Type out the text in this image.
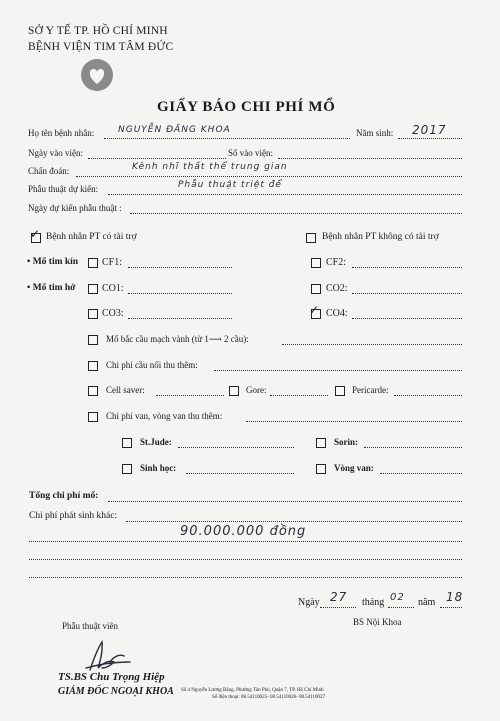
SỞ Y TẾ TP. HỒ CHÍ MINH
BỆNH VIỆN TIM TÂM ĐỨC
GIẤY BÁO CHI PHÍ MỔ
Họ tên bệnh nhân:	NGUYỄN ĐĂNG KHOA	Năm sinh: 2017
Ngày vào viện:	Số vào viện:
Chẩn đoán:	Kênh nhĩ thất thể trung gian
Phẫu thuật dự kiến:	Phẫu thuật triệt để
Ngày dự kiến phẫu thuật :
✓ Bệnh nhân PT có tài trợ	Bệnh nhân PT không có tài trợ
• Mổ tim kín CF1:	CF2:
• Mổ tim hở	CO1:	CO2:
CO3:	✓ CO4:
Mổ bắc cầu mạch vành (từ 1⟶ 2 cầu):
Chi phí cầu nối thu thêm:
Cell saver:	Gore:	Pericarde:
Chi phí van, vòng van thu thêm:
St.Jude:	Sorin:
Sinh học:	Vòng van:
Tổng chi phí mổ:
Chi phí phát sinh khác:
90.000.000 đồng
Ngày 27 tháng 02 năm 18
Phẫu thuật viên	BS Nội Khoa
TS.BS Chu Trọng Hiệp
GIÁM ĐỐC NGOẠI KHOA Số 4 Nguyễn Lương Bằng, Phường Tân Phú, Quận 7, TP. Hồ Chí Minh
Số điện thoại: 08.54110025- 08.54110026- 08.54110027
